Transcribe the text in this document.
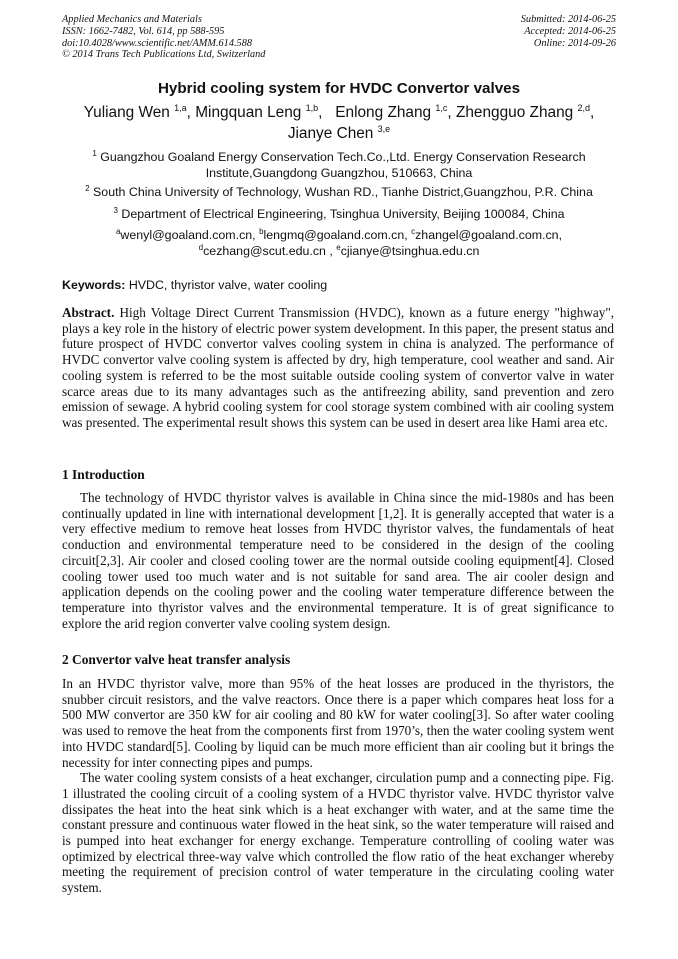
Applied Mechanics and Materials
ISSN: 1662-7482, Vol. 614, pp 588-595
doi:10.4028/www.scientific.net/AMM.614.588
© 2014 Trans Tech Publications Ltd, Switzerland
Submitted: 2014-06-25
Accepted: 2014-06-25
Online: 2014-09-26
Hybrid cooling system for HVDC Convertor valves
Yuliang Wen $^{1,a}$, Mingquan Leng $^{1,b}$,   Enlong Zhang $^{1,c}$, Zhengguo Zhang $^{2,d}$,
Jianye Chen $^{3,e}$
$^1$ Guangzhou Goaland Energy Conservation Tech.Co.,Ltd. Energy Conservation Research
Institute,Guangdong Guangzhou, 510663, China
$^2$ South China University of Technology, Wushan RD., Tianhe District,Guangzhou, P.R. China
$^3$ Department of Electrical Engineering, Tsinghua University, Beijing 100084, China
$^a$wenyl@goaland.com.cn, $^b$lengmq@goaland.com.cn, $^c$zhangel@goaland.com.cn,
$^d$cezhang@scut.edu.cn , $^e$cjianye@tsinghua.edu.cn
Keywords: HVDC, thyristor valve, water cooling

Abstract. High Voltage Direct Current Transmission (HVDC), known as a future energy "highway", plays a key role in the history of electric power system development. In this paper, the present status and future prospect of HVDC convertor valves cooling system in china is analyzed. The performance of HVDC convertor valve cooling system is affected by dry, high temperature, cool weather and sand. Air cooling system is referred to be the most suitable outside cooling system of convertor valve in water scarce areas due to its many advantages such as the antifreezing ability, sand prevention and zero emission of sewage. A hybrid cooling system for cool storage system combined with air cooling system was presented. The experimental result shows this system can be used in desert area like Hami area etc.

1 Introduction

The technology of HVDC thyristor valves is available in China since the mid-1980s and has been continually updated in line with international development [1,2]. It is generally accepted that water is a very effective medium to remove heat losses from HVDC thyristor valves, the fundamentals of heat conduction and environmental temperature need to be considered in the design of the cooling circuit[2,3]. Air cooler and closed cooling tower are the normal outside cooling equipment[4]. Closed cooling tower used too much water and is not suitable for sand area. The air cooler design and application depends on the cooling power and the cooling water temperature difference between the temperature into thyristor valves and the environmental temperature. It is of great significance to explore the arid region converter valve cooling system design.

2 Convertor valve heat transfer analysis

In an HVDC thyristor valve, more than 95% of the heat losses are produced in the thyristors, the snubber circuit resistors, and the valve reactors. Once there is a paper which compares heat loss for a 500 MW convertor are 350 kW for air cooling and 80 kW for water cooling[3]. So after water cooling was used to remove the heat from the components first from 1970’s, then the water cooling system went into HVDC standard[5]. Cooling by liquid can be much more efficient than air cooling but it brings the necessity for inter connecting pipes and pumps.

The water cooling system consists of a heat exchanger, circulation pump and a connecting pipe. Fig. 1 illustrated the cooling circuit of a cooling system of a HVDC thyristor valve. HVDC thyristor valve dissipates the heat into the heat sink which is a heat exchanger with water, and at the same time the constant pressure and continuous water flowed in the heat sink, so the water temperature will raised and is pumped into heat exchanger for energy exchange. Temperature controlling of cooling water was optimized by electrical three-way valve which controlled the flow ratio of the heat exchanger whereby meeting the requirement of precision control of water temperature in the circulating cooling water system.
